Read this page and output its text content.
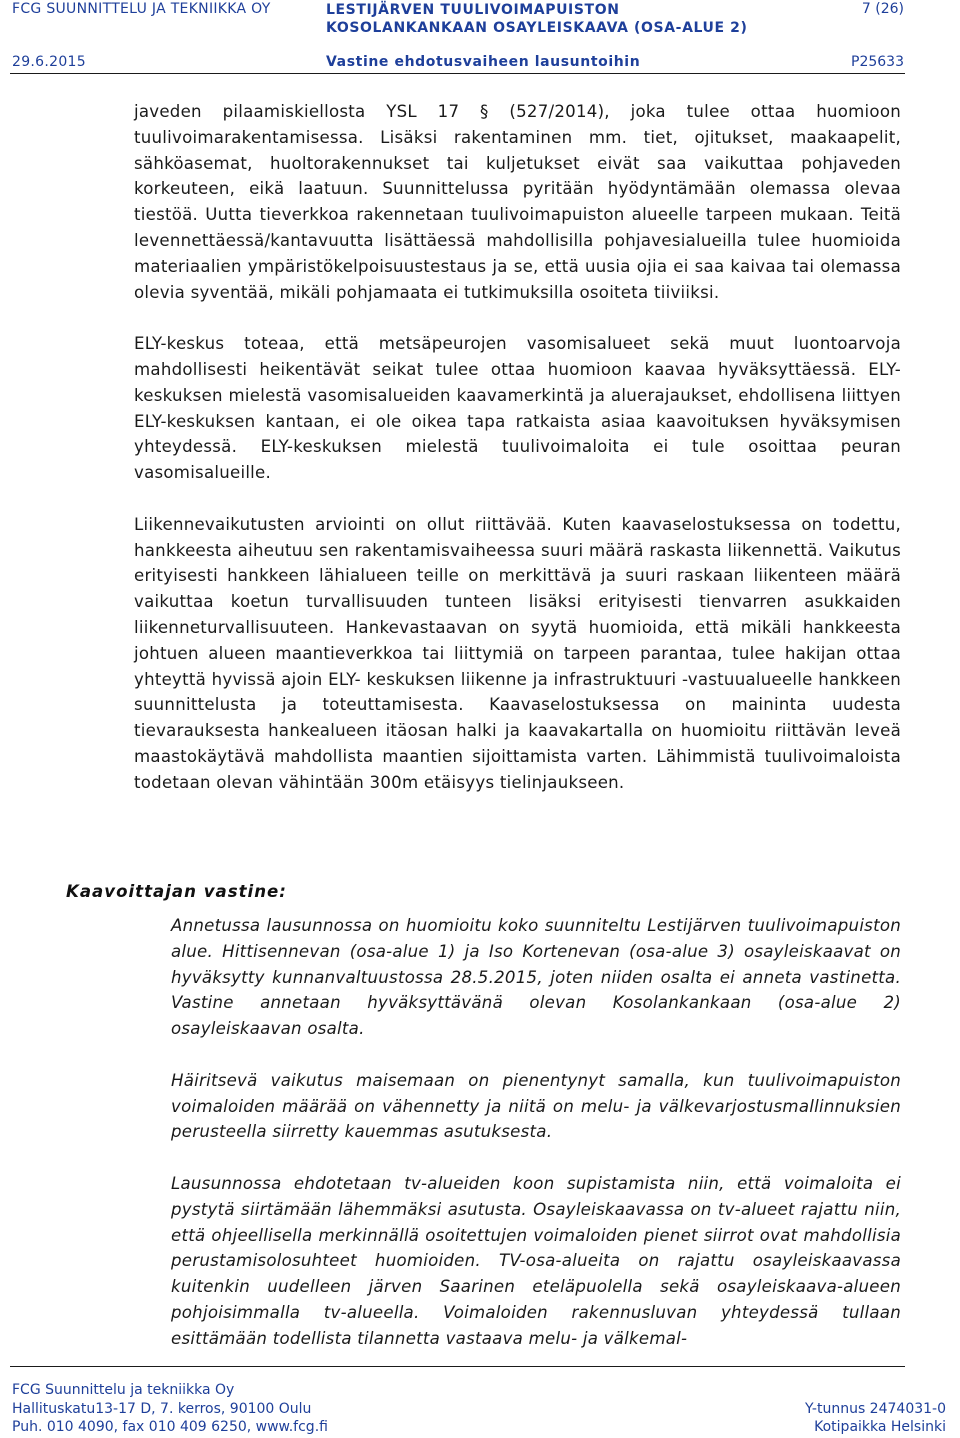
FCG SUUNNITTELU JA TEKNIIKKA OY	LESTIJÄRVEN TUULIVOIMAPUISTON
KOSOLANKANKAAN OSAYLEISKAAVA (OSA-ALUE 2)
7 (26)
29.6.2015	Vastine ehdotusvaiheen lausuntoihin	P25633

javeden pilaamiskiellosta YSL 17 § (527/2014), joka tulee ottaa huomioon tuulivoimarakentamisessa. Lisäksi rakentaminen mm. tiet, ojitukset, maakaapelit, sähköasemat, huoltorakennukset tai kuljetukset eivät saa vaikuttaa pohjaveden korkeuteen, eikä laatuun. Suunnittelussa pyritään hyödyntämään olemassa olevaa tiestöä. Uutta tieverkkoa rakennetaan tuulivoimapuiston alueelle tarpeen mukaan. Teitä levennettäessä/kantavuutta lisättäessä mahdollisilla pohjavesialueilla tulee huomioida materiaalien ympäristökelpoisuustestaus ja se, että uusia ojia ei saa kaivaa tai olemassa olevia syventää, mikäli pohjamaata ei tutkimuksilla osoiteta tiiviiksi.

ELY-keskus toteaa, että metsäpeurojen vasomisalueet sekä muut luontoarvoja mahdollisesti heikentävät seikat tulee ottaa huomioon kaavaa hyväksyttäessä. ELY-keskuksen mielestä vasomisalueiden kaavamerkintä ja aluerajaukset, ehdollisena liittyen ELY-keskuksen kantaan, ei ole oikea tapa ratkaista asiaa kaavoituksen hyväksymisen yhteydessä. ELY-keskuksen mielestä tuulivoimaloita ei tule osoittaa peuran vasomisalueille.

Liikennevaikutusten arviointi on ollut riittävää. Kuten kaavaselostuksessa on todettu, hankkeesta aiheutuu sen rakentamisvaiheessa suuri määrä raskasta liikennettä. Vaikutus erityisesti hankkeen lähialueen teille on merkittävä ja suuri raskaan liikenteen määrä vaikuttaa koetun turvallisuuden tunteen lisäksi erityisesti tienvarren asukkaiden liikenneturvallisuuteen. Hankevastaavan on syytä huomioida, että mikäli hankkeesta johtuen alueen maantieverkkoa tai liittymiä on tarpeen parantaa, tulee hakijan ottaa yhteyttä hyvissä ajoin ELY- keskuksen liikenne ja infrastruktuuri -vastuualueelle hankkeen suunnittelusta ja toteuttamisesta. Kaavaselostuksessa on maininta uudesta tievarauksesta hankealueen itäosan halki ja kaavakartalla on huomioitu riittävän leveä maastokäytävä mahdollista maantien sijoittamista varten. Lähimmistä tuulivoimaloista todetaan olevan vähintään 300m etäisyys tielinjaukseen.

Kaavoittajan vastine:

Annetussa lausunnossa on huomioitu koko suunniteltu Lestijärven tuulivoimapuiston alue. Hittisennevan (osa-alue 1) ja Iso Kortenevan (osa-alue 3) osayleiskaavat on hyväksytty kunnanvaltuustossa 28.5.2015, joten niiden osalta ei anneta vastinetta. Vastine annetaan hyväksyttävänä olevan Kosolankankaan (osa-alue 2) osayleiskaavan osalta.

Häiritsevä vaikutus maisemaan on pienentynyt samalla, kun tuulivoimapuiston voimaloiden määrää on vähennetty ja niitä on melu- ja välkevarjostusmallinnuksien perusteella siirretty kauemmas asutuksesta.

Lausunnossa ehdotetaan tv-alueiden koon supistamista niin, että voimaloita ei pystytä siirtämään lähemmäksi asutusta. Osayleiskaavassa on tv-alueet rajattu niin, että ohjeellisella merkinnällä osoitettujen voimaloiden pienet siirrot ovat mahdollisia perustamisolosuhteet huomioiden. TV-osa-alueita on rajattu osayleiskaavassa kuitenkin uudelleen järven Saarinen eteläpuolella sekä osayleiskaava-alueen pohjoisimmalla tv-alueella. Voimaloiden rakennusluvan yhteydessä tullaan esittämään todellista tilannetta vastaava melu- ja välkemal-

FCG Suunnittelu ja tekniikka Oy
Hallituskatu13-17 D, 7. kerros, 90100 Oulu
Puh. 010 4090, fax 010 409 6250, www.fcg.fi
Y-tunnus 2474031-0
Kotipaikka Helsinki
